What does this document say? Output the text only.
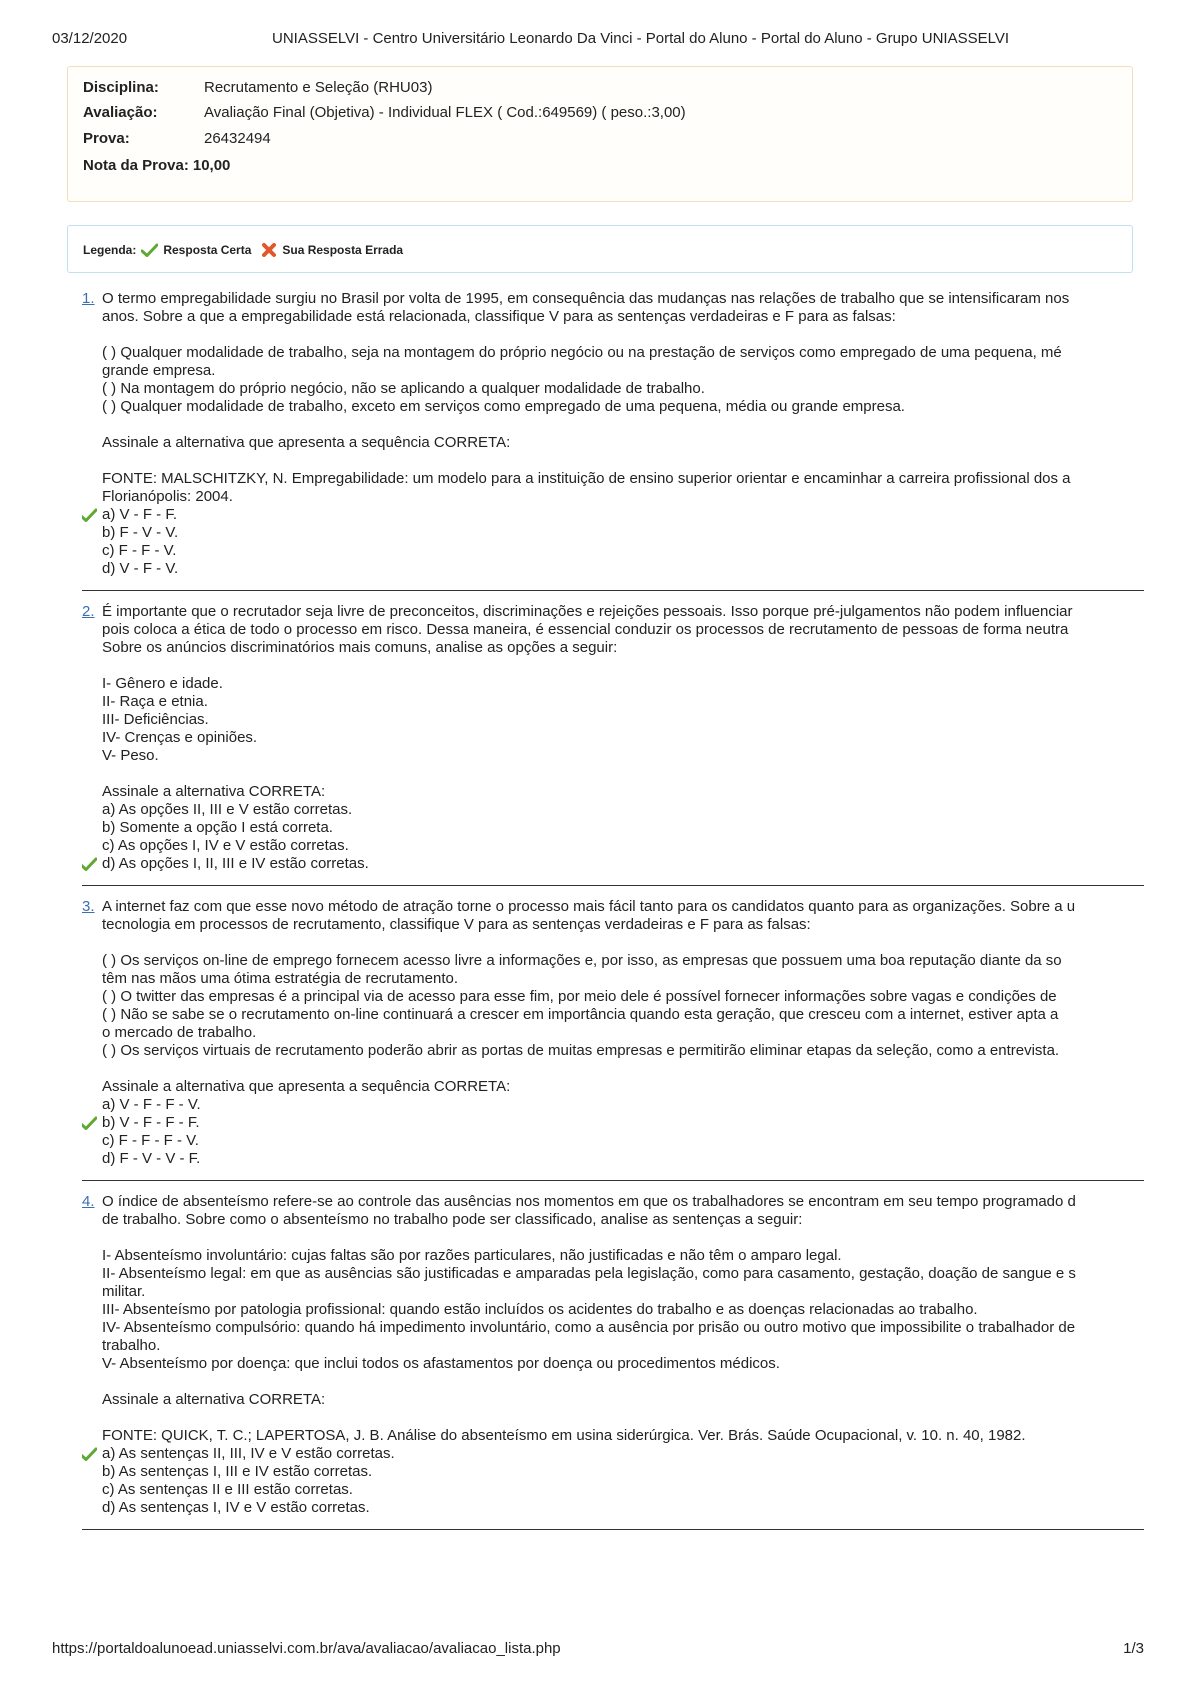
03/12/2020	UNIASSELVI - Centro Universitário Leonardo Da Vinci - Portal do Aluno - Portal do Aluno - Grupo UNIASSELVI
Disciplina:	Recrutamento e Seleção (RHU03)
Avaliação:	Avaliação Final (Objetiva) - Individual FLEX ( Cod.:649569) ( peso.:3,00)
Prova:	26432494
Nota da Prova: 10,00
Legenda: Resposta Certa	Sua Resposta Errada
1. O termo empregabilidade surgiu no Brasil por volta de 1995, em consequência das mudanças nas relações de trabalho que se intensificaram nos
anos. Sobre a que a empregabilidade está relacionada, classifique V para as sentenças verdadeiras e F para as falsas:

( ) Qualquer modalidade de trabalho, seja na montagem do próprio negócio ou na prestação de serviços como empregado de uma pequena, mé

grande empresa.

( ) Na montagem do próprio negócio, não se aplicando a qualquer modalidade de trabalho.

( ) Qualquer modalidade de trabalho, exceto em serviços como empregado de uma pequena, média ou grande empresa.

Assinale a alternativa que apresenta a sequência CORRETA:

FONTE: MALSCHITZKY, N. Empregabilidade: um modelo para a instituição de ensino superior orientar e encaminhar a carreira profissional dos a

Florianópolis: 2004.

a) V - F - F.
b) F - V - V.
c) F - F - V.
d) V - F - V.
2. É importante que o recrutador seja livre de preconceitos, discriminações e rejeições pessoais. Isso porque pré-julgamentos não podem influenciar
pois coloca a ética de todo o processo em risco. Dessa maneira, é essencial conduzir os processos de recrutamento de pessoas de forma neutra
Sobre os anúncios discriminatórios mais comuns, analise as opções a seguir:

I- Gênero e idade.

II- Raça e etnia.

III- Deficiências.

IV- Crenças e opiniões.

V- Peso.

Assinale a alternativa CORRETA:

a) As opções II, III e V estão corretas.
b) Somente a opção I está correta.
c) As opções I, IV e V estão corretas.
d) As opções I, II, III e IV estão corretas.
3. A internet faz com que esse novo método de atração torne o processo mais fácil tanto para os candidatos quanto para as organizações. Sobre a u
tecnologia em processos de recrutamento, classifique V para as sentenças verdadeiras e F para as falsas:

( ) Os serviços on-line de emprego fornecem acesso livre a informações e, por isso, as empresas que possuem uma boa reputação diante da so

têm nas mãos uma ótima estratégia de recrutamento.

( ) O twitter das empresas é a principal via de acesso para esse fim, por meio dele é possível fornecer informações sobre vagas e condições de

( ) Não se sabe se o recrutamento on-line continuará a crescer em importância quando esta geração, que cresceu com a internet, estiver apta a

o mercado de trabalho.

( ) Os serviços virtuais de recrutamento poderão abrir as portas de muitas empresas e permitirão eliminar etapas da seleção, como a entrevista.

Assinale a alternativa que apresenta a sequência CORRETA:

a) V - F - F - V.
b) V - F - F - F.
c) F - F - F - V.
d) F - V - V - F.
4. O índice de absenteísmo refere-se ao controle das ausências nos momentos em que os trabalhadores se encontram em seu tempo programado d
de trabalho. Sobre como o absenteísmo no trabalho pode ser classificado, analise as sentenças a seguir:

I- Absenteísmo involuntário: cujas faltas são por razões particulares, não justificadas e não têm o amparo legal.

II- Absenteísmo legal: em que as ausências são justificadas e amparadas pela legislação, como para casamento, gestação, doação de sangue e s

militar.

III- Absenteísmo por patologia profissional: quando estão incluídos os acidentes do trabalho e as doenças relacionadas ao trabalho.

IV- Absenteísmo compulsório: quando há impedimento involuntário, como a ausência por prisão ou outro motivo que impossibilite o trabalhador de

trabalho.

V- Absenteísmo por doença: que inclui todos os afastamentos por doença ou procedimentos médicos.

Assinale a alternativa CORRETA:

FONTE: QUICK, T. C.; LAPERTOSA, J. B. Análise do absenteísmo em usina siderúrgica. Ver. Brás. Saúde Ocupacional, v. 10. n. 40, 1982.

a) As sentenças II, III, IV e V estão corretas.
b) As sentenças I, III e IV estão corretas.
c) As sentenças II e III estão corretas.
d) As sentenças I, IV e V estão corretas.
https://portaldoalunoead.uniasselvi.com.br/ava/avaliacao/avaliacao_lista.php	1/3
